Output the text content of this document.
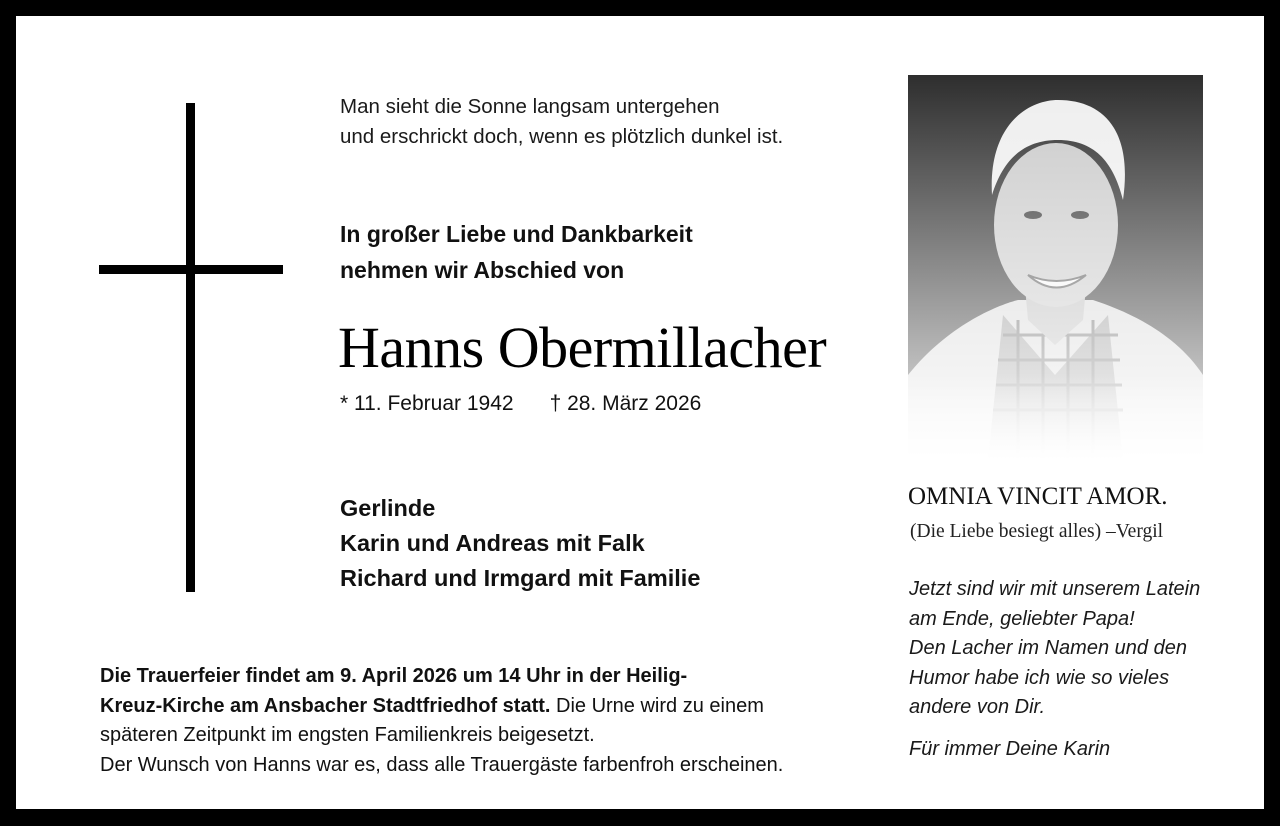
Man sieht die Sonne langsam untergehen
und erschrickt doch, wenn es plötzlich dunkel ist.
In großer Liebe und Dankbarkeit
nehmen wir Abschied von
Hanns Obermillacher
* 11. Februar 1942 † 28. März 2026
Gerlinde
Karin und Andreas mit Falk
Richard und Irmgard mit Familie
Die Trauerfeier findet am 9. April 2026 um 14 Uhr in der Heilig-
Kreuz-Kirche am Ansbacher Stadtfriedhof statt. Die Urne wird zu einem
späteren Zeitpunkt im engsten Familienkreis beigesetzt.
Der Wunsch von Hanns war es, dass alle Trauergäste farbenfroh erscheinen.
OMNIA VINCIT AMOR.
(Die Liebe besiegt alles) –Vergil
Jetzt sind wir mit unserem Latein
am Ende, geliebter Papa!
Den Lacher im Namen und den
Humor habe ich wie so vieles
andere von Dir.
Für immer Deine Karin
